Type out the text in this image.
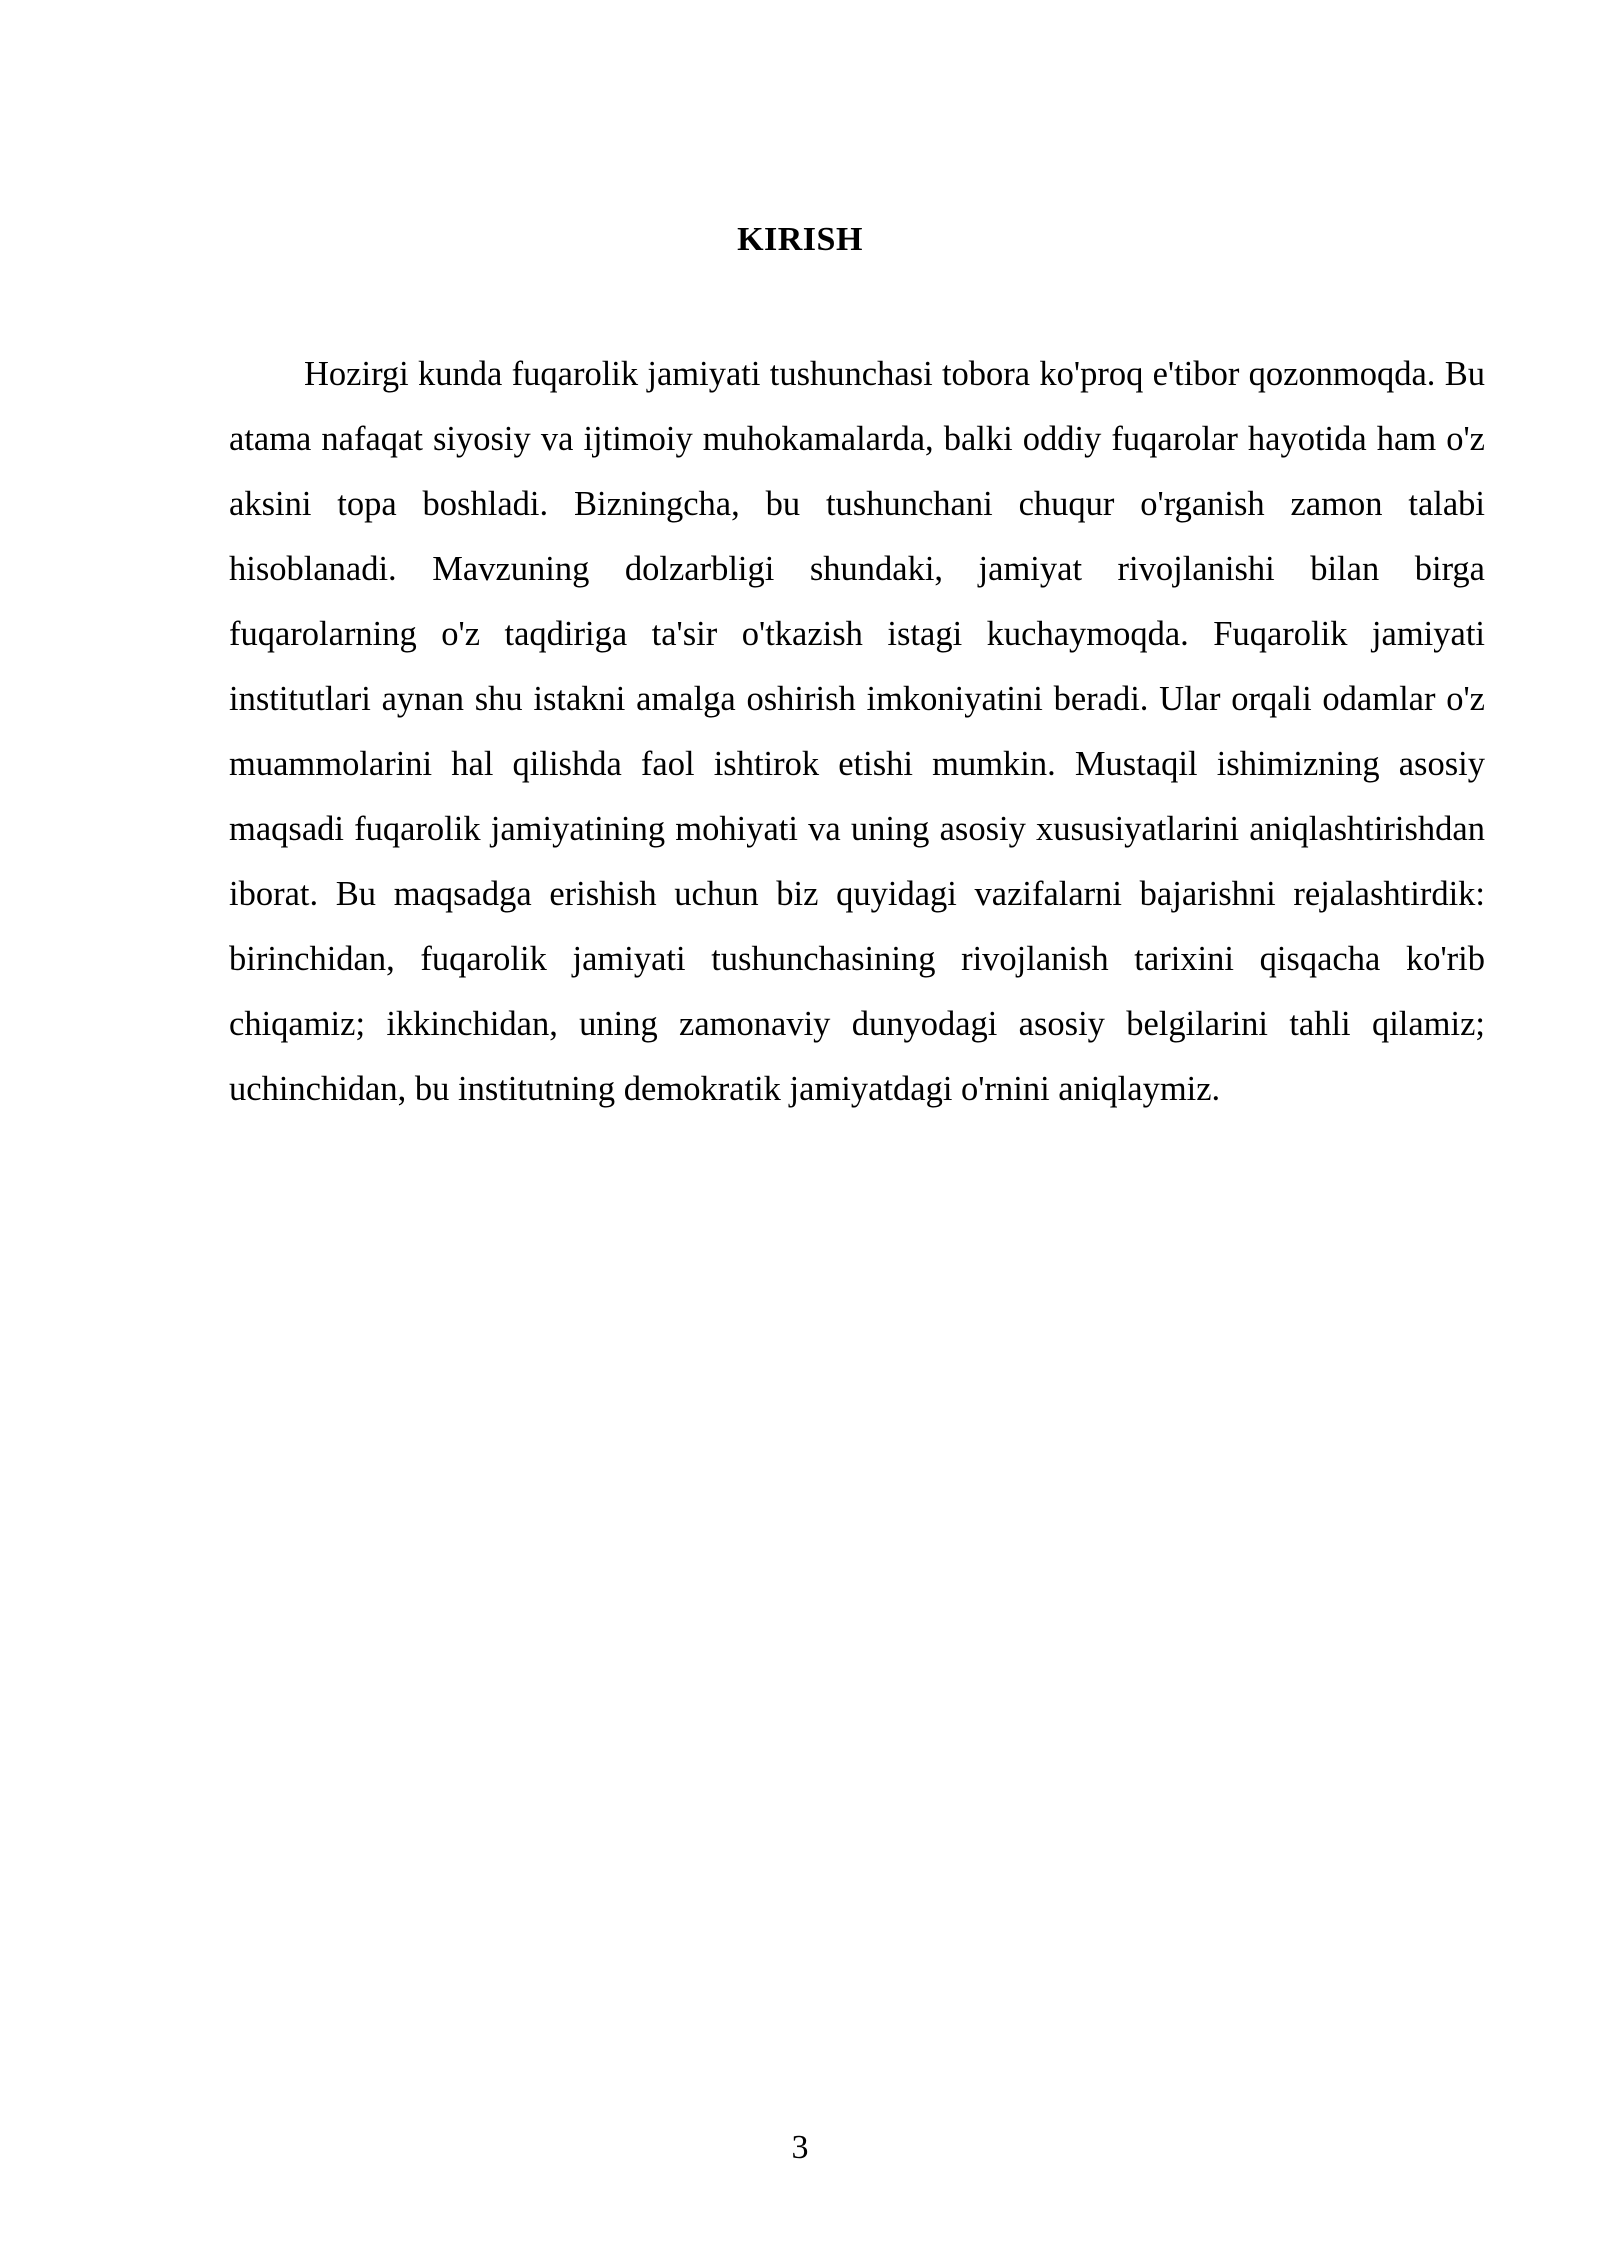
KIRISH

Hozirgi kunda fuqarolik jamiyati tushunchasi tobora ko'proq e'tibor qozonmoqda. Bu atama nafaqat siyosiy va ijtimoiy muhokamalarda, balki oddiy fuqarolar hayotida ham o'z aksini topa boshladi. Bizningcha, bu tushunchani chuqur o'rganish zamon talabi hisoblanadi. Mavzuning dolzarbligi shundaki, jamiyat rivojlanishi bilan birga fuqarolarning o'z taqdiriga ta'sir o'tkazish istagi kuchaymoqda. Fuqarolik jamiyati institutlari aynan shu istakni amalga oshirish imkoniyatini beradi. Ular orqali odamlar o'z muammolarini hal qilishda faol ishtirok etishi mumkin. Mustaqil ishimizning asosiy maqsadi fuqarolik jamiyatining mohiyati va uning asosiy xususiyatlarini aniqlashtirishdan iborat. Bu maqsadga erishish uchun biz quyidagi vazifalarni bajarishni rejalashtirdik: birinchidan, fuqarolik jamiyati tushunchasining rivojlanish tarixini qisqacha ko'rib chiqamiz; ikkinchidan, uning zamonaviy dunyodagi asosiy belgilarini tahli qilamiz; uchinchidan, bu institutning demokratik jamiyatdagi o'rnini aniqlaymiz.

3
